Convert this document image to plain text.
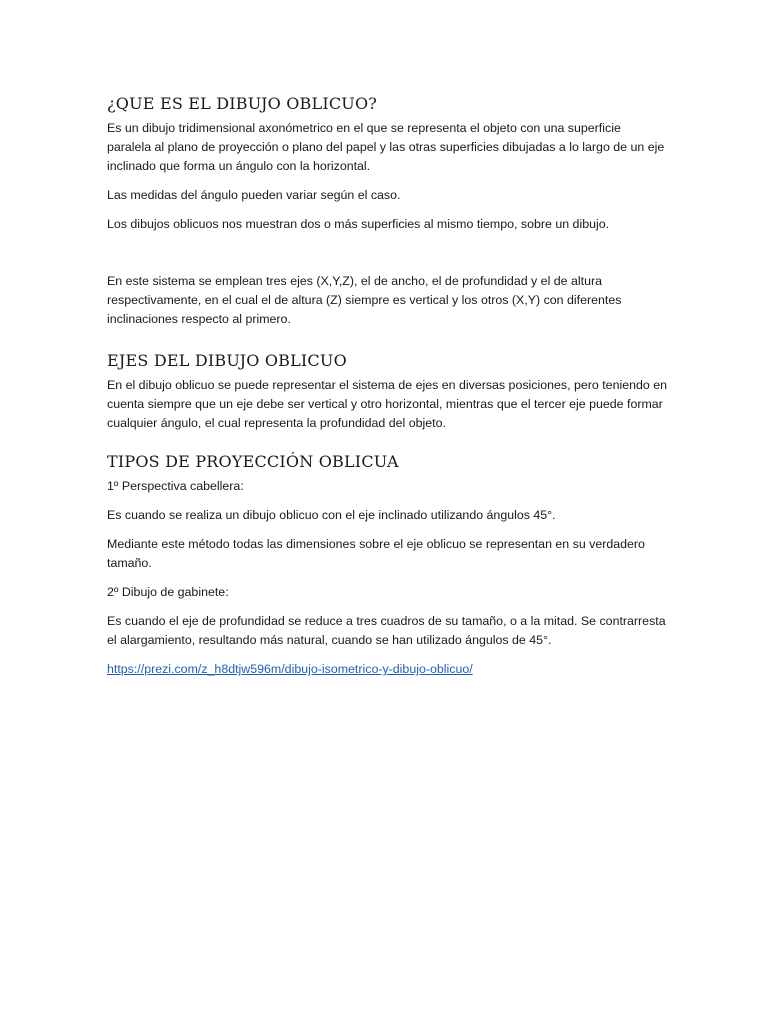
¿QUE ES EL DIBUJO OBLICUO?

Es un dibujo tridimensional axonómetrico en el que se representa el objeto con una superficie paralela al plano de proyección o plano del papel y las otras superficies dibujadas a lo largo de un eje inclinado que forma un ángulo con la horizontal.

Las medidas del ángulo pueden variar según el caso.

Los dibujos oblicuos nos muestran dos o más superficies al mismo tiempo, sobre un dibujo.

En este sistema se emplean tres ejes (X,Y,Z), el de ancho, el de profundidad y el de altura respectivamente, en el cual el de altura (Z) siempre es vertical y los otros (X,Y) con diferentes inclinaciones respecto al primero.

EJES DEL DIBUJO OBLICUO

En el dibujo oblicuo se puede representar el sistema de ejes en diversas posiciones, pero teniendo en cuenta siempre que un eje debe ser vertical y otro horizontal, mientras que el tercer eje puede formar cualquier ángulo, el cual representa la profundidad del objeto.

TIPOS DE PROYECCIÓN OBLICUA

1º Perspectiva cabellera:

Es cuando se realiza un dibujo oblicuo con el eje inclinado utilizando ángulos 45°.

Mediante este método todas las dimensiones sobre el eje oblicuo se representan en su verdadero tamaño.

2º Dibujo de gabinete:

Es cuando el eje de profundidad se reduce a tres cuadros de su tamaño, o a la mitad. Se contrarresta el alargamiento, resultando más natural, cuando se han utilizado ángulos de 45°.

https://prezi.com/z_h8dtjw596m/dibujo-isometrico-y-dibujo-oblicuo/
